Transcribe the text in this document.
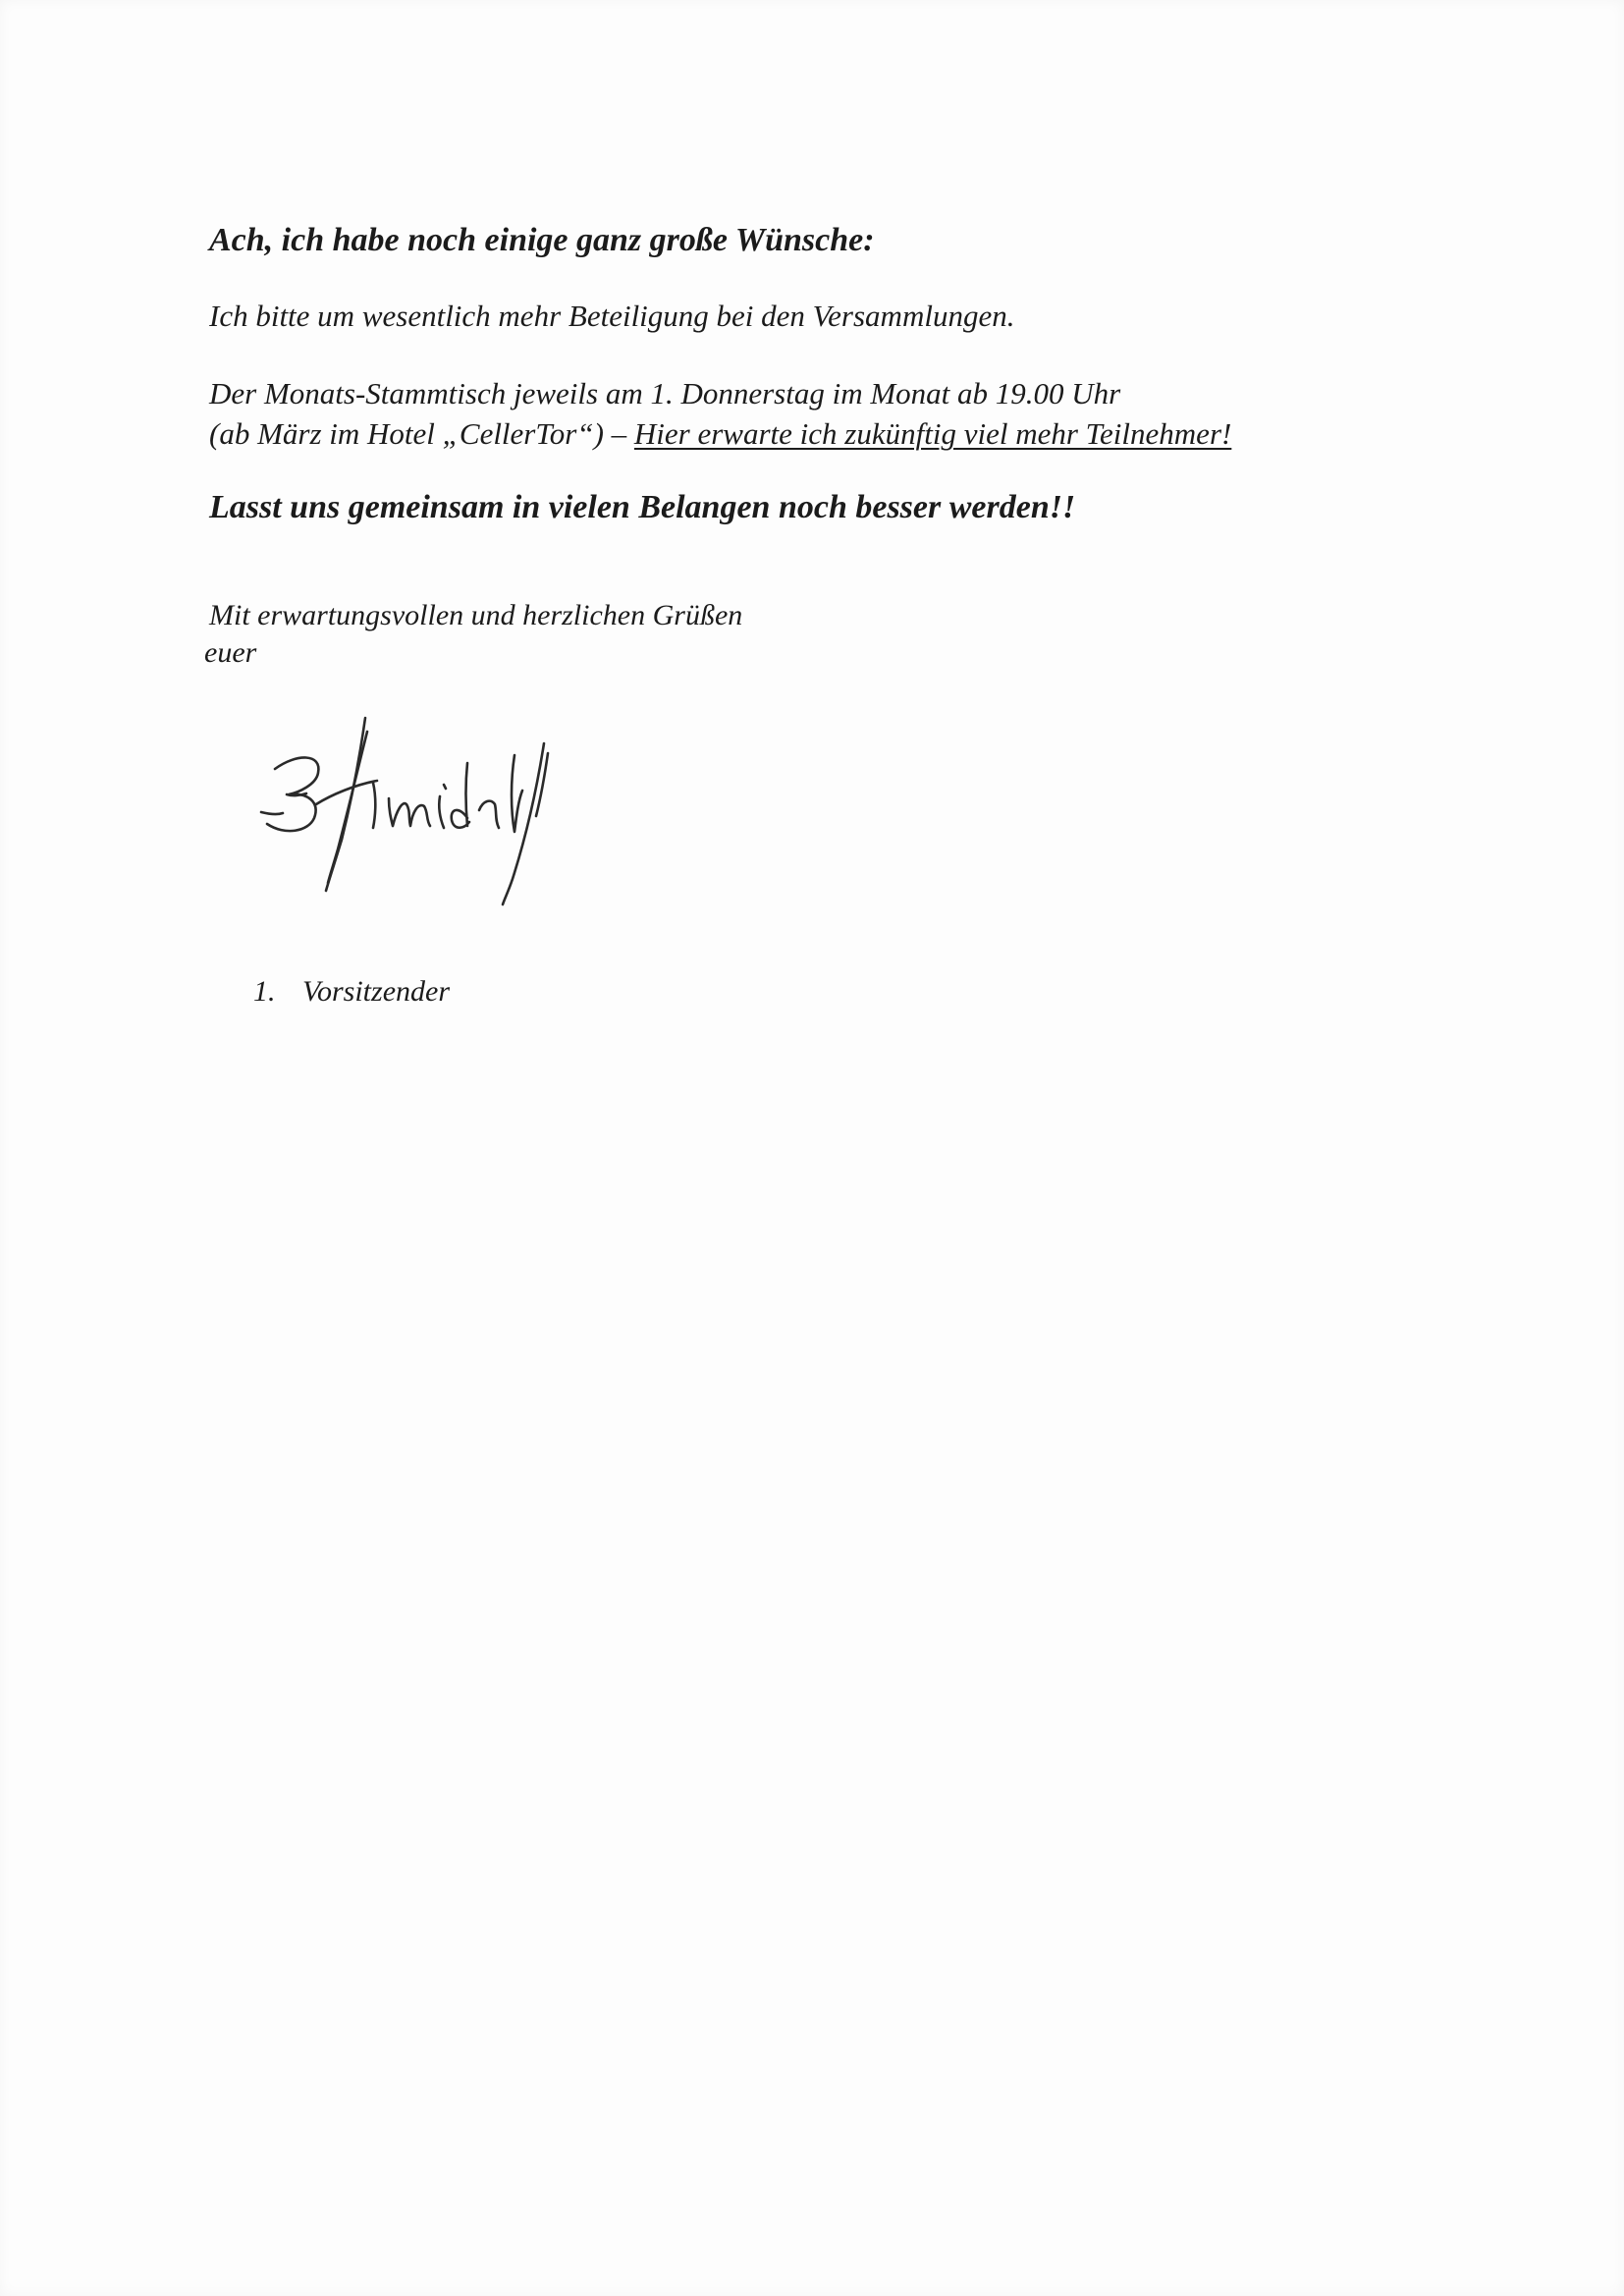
Ach, ich habe noch einige ganz große Wünsche:

Ich bitte um wesentlich mehr Beteiligung bei den Versammlungen.

Der Monats-Stammtisch jeweils am 1. Donnerstag im Monat ab 19.00 Uhr

(ab März im Hotel „CellerTor“) – Hier erwarte ich zukünftig viel mehr Teilnehmer!

Lasst uns gemeinsam in vielen Belangen noch besser werden!!

Mit erwartungsvollen und herzlichen Grüßen

euer

1. Vorsitzender
